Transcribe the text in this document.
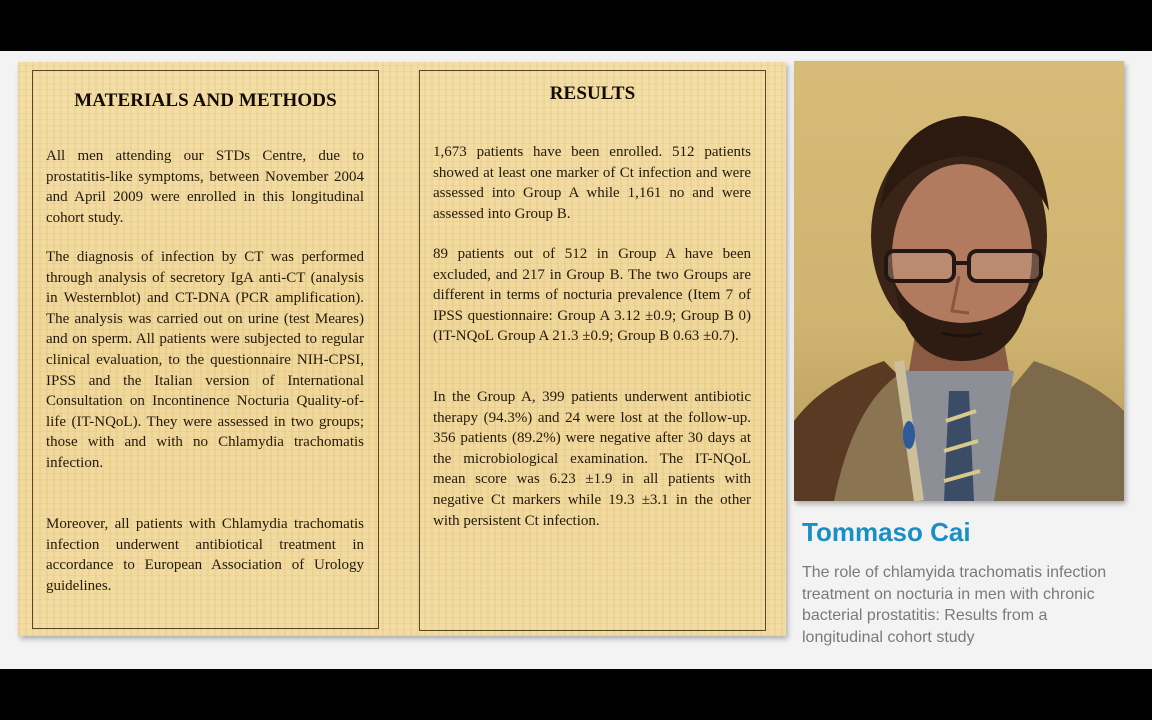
MATERIALS AND METHODS

All men attending our STDs Centre, due to prostatitis-like symptoms, between November 2004 and April 2009 were enrolled in this longitudinal cohort study.

The diagnosis of infection by CT was performed through analysis of secretory IgA anti-CT (analysis in Westernblot) and CT-DNA (PCR amplification). The analysis was carried out on urine (test Meares) and on sperm. All patients were subjected to regular clinical evaluation, to the questionnaire NIH-CPSI, IPSS and the Italian version of International Consultation on Incontinence Nocturia Quality-of-life (IT-NQoL). They were assessed in two groups; those with and with no Chlamydia trachomatis infection.

Moreover, all patients with Chlamydia trachomatis infection underwent antibiotical treatment in accordance to European Association of Urology guidelines.

RESULTS

1,673 patients have been enrolled. 512 patients showed at least one marker of Ct infection and were assessed into Group A while 1,161 no and were assessed into Group B.

89 patients out of 512 in Group A have been excluded, and 217 in Group B. The two Groups are different in terms of nocturia prevalence (Item 7 of IPSS questionnaire: Group A 3.12 ±0.9; Group B 0) (IT-NQoL Group A 21.3 ±0.9; Group B 0.63 ±0.7).

In the Group A, 399 patients underwent antibiotic therapy (94.3%) and 24 were lost at the follow-up. 356 patients (89.2%) were negative after 30 days at the microbiological examination. The IT-NQoL mean score was 6.23 ±1.9 in all patients with negative Ct markers while 19.3 ±3.1 in the other with persistent Ct infection.	Tommaso Cai
The role of chlamyida trachomatis infection treatment on nocturia in men with chronic bacterial prostatitis: Results from a longitudinal cohort study
